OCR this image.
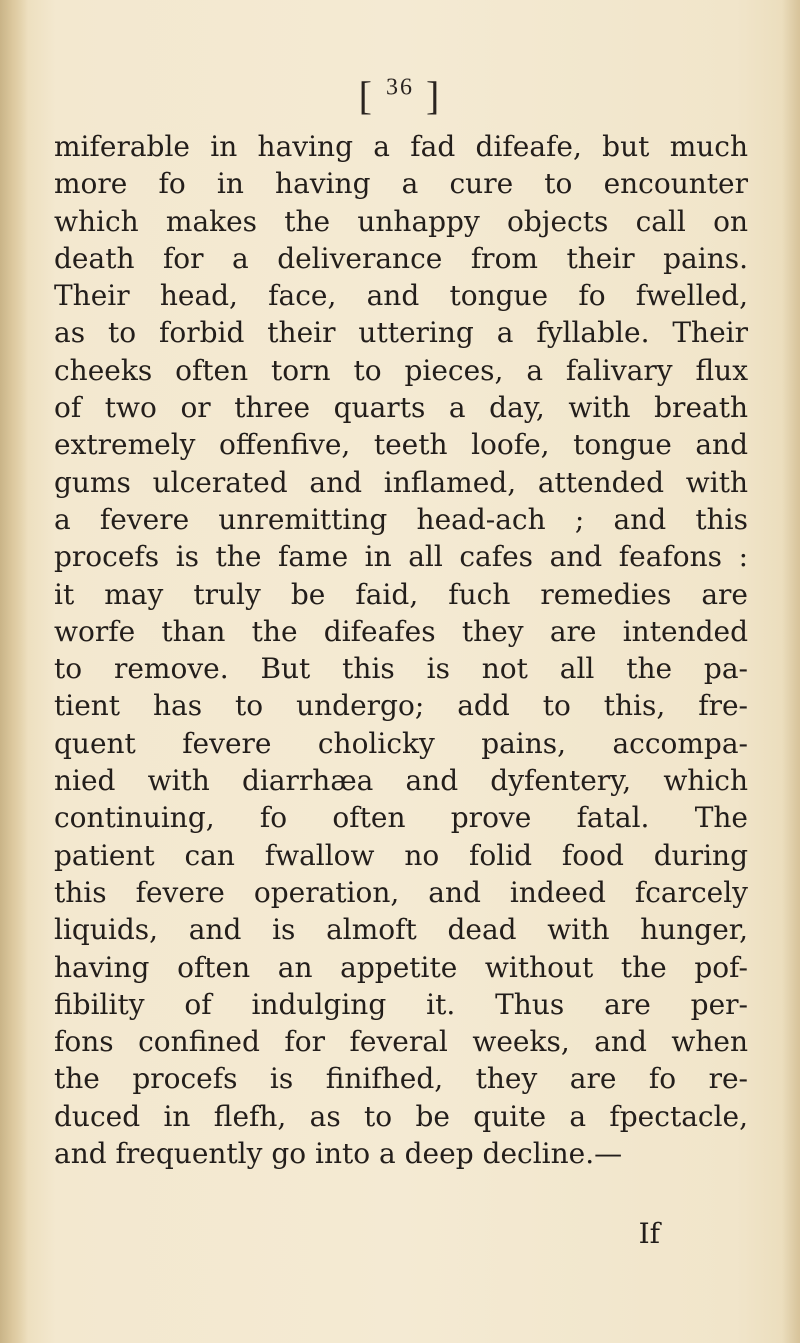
[ $^{36}$ ]
miferable in having a fad difeafe, but much
more fo in having a cure to encounter
which makes the unhappy objects call on
death for a deliverance from their pains.
Their head, face, and tongue fo fwelled,
as to forbid their uttering a fyllable. Their
cheeks often torn to pieces, a falivary flux
of two or three quarts a day, with breath
extremely offenfive, teeth loofe, tongue and
gums ulcerated and inflamed, attended with
a fevere unremitting head-ach ; and this
procefs is the fame in all cafes and feafons :
it may truly be faid, fuch remedies are
worfe than the difeafes they are intended
to remove. But this is not all the pa-
tient has to undergo; add to this, fre-
quent fevere cholicky pains, accompa-
nied with diarrhæa and dyfentery, which
continuing, fo often prove fatal. The
patient can fwallow no folid food during
this fevere operation, and indeed fcarcely
liquids, and is almoft dead with hunger,
having often an appetite without the pof-
fibility of indulging it. Thus are per-
fons confined for feveral weeks, and when
the procefs is finifhed, they are fo re-
duced in flefh, as to be quite a fpectacle,
and frequently go into a deep decline.—
If
